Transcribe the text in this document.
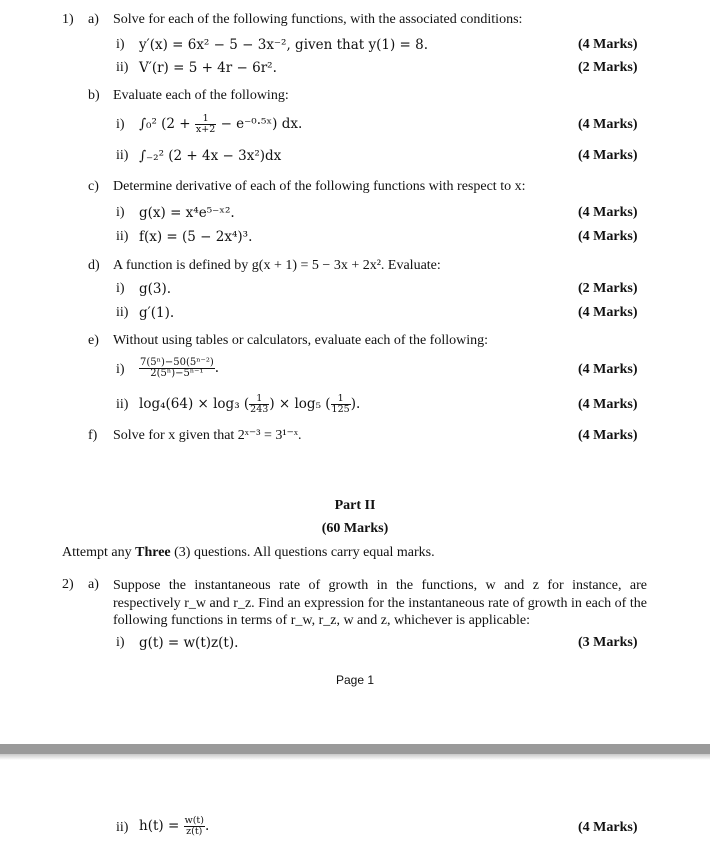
1) a) Solve for each of the following functions, with the associated conditions:
i) y′(x) = 6x² − 5 − 3x⁻², given that y(1) = 8.	(4 Marks)
ii) V′(r) = 5 + 4r − 6r².	(2 Marks)
b) Evaluate each of the following:
i) ∫₀² ($2 + \frac{1}{x+2}$ − e⁻⁰·⁵ˣ) dx.	(4 Marks)
ii) ∫₋₂² (2 + 4x − 3x²)dx	(4 Marks)
c) Determine derivative of each of the following functions with respect to x:
i) g(x) = x⁴e⁵⁻ˣ².	(4 Marks)
ii) f(x) = (5 − 2x⁴)³.	(4 Marks)
d) A function is defined by g(x + 1) = 5 − 3x + 2x². Evaluate:
i) g(3).	(2 Marks)
ii) g′(1).	(4 Marks)
e) Without using tables or calculators, evaluate each of the following:
$i) \frac{\text{7(5ⁿ)−50(5ⁿ⁻²)}}{\text{2(5ⁿ)−5ⁿ⁻¹}}$ .	(4 Marks)
ii) log₄(64) × log₃ ( $\frac{1}{243}$ ) × log₅ ( $\frac{1}{125}$ ).	(4 Marks)
f) Solve for x given that 2ˣ⁻³ = 3¹⁻ˣ.	(4 Marks)
Part II
(60 Marks)
Attempt any Three (3) questions. All questions carry equal marks.
2) a) Suppose the instantaneous rate of growth in the functions, w and z for instance, are respectively r_w and r_z. Find an expression for the instantaneous rate of growth in each of the following functions in terms of r_w, r_z, w and z, whichever is applicable:
i) g(t) = w(t)z(t).	(3 Marks)
Page 1
ii) $h(t) = \frac{w(t)}{z(t)}$ .	(4 Marks)
